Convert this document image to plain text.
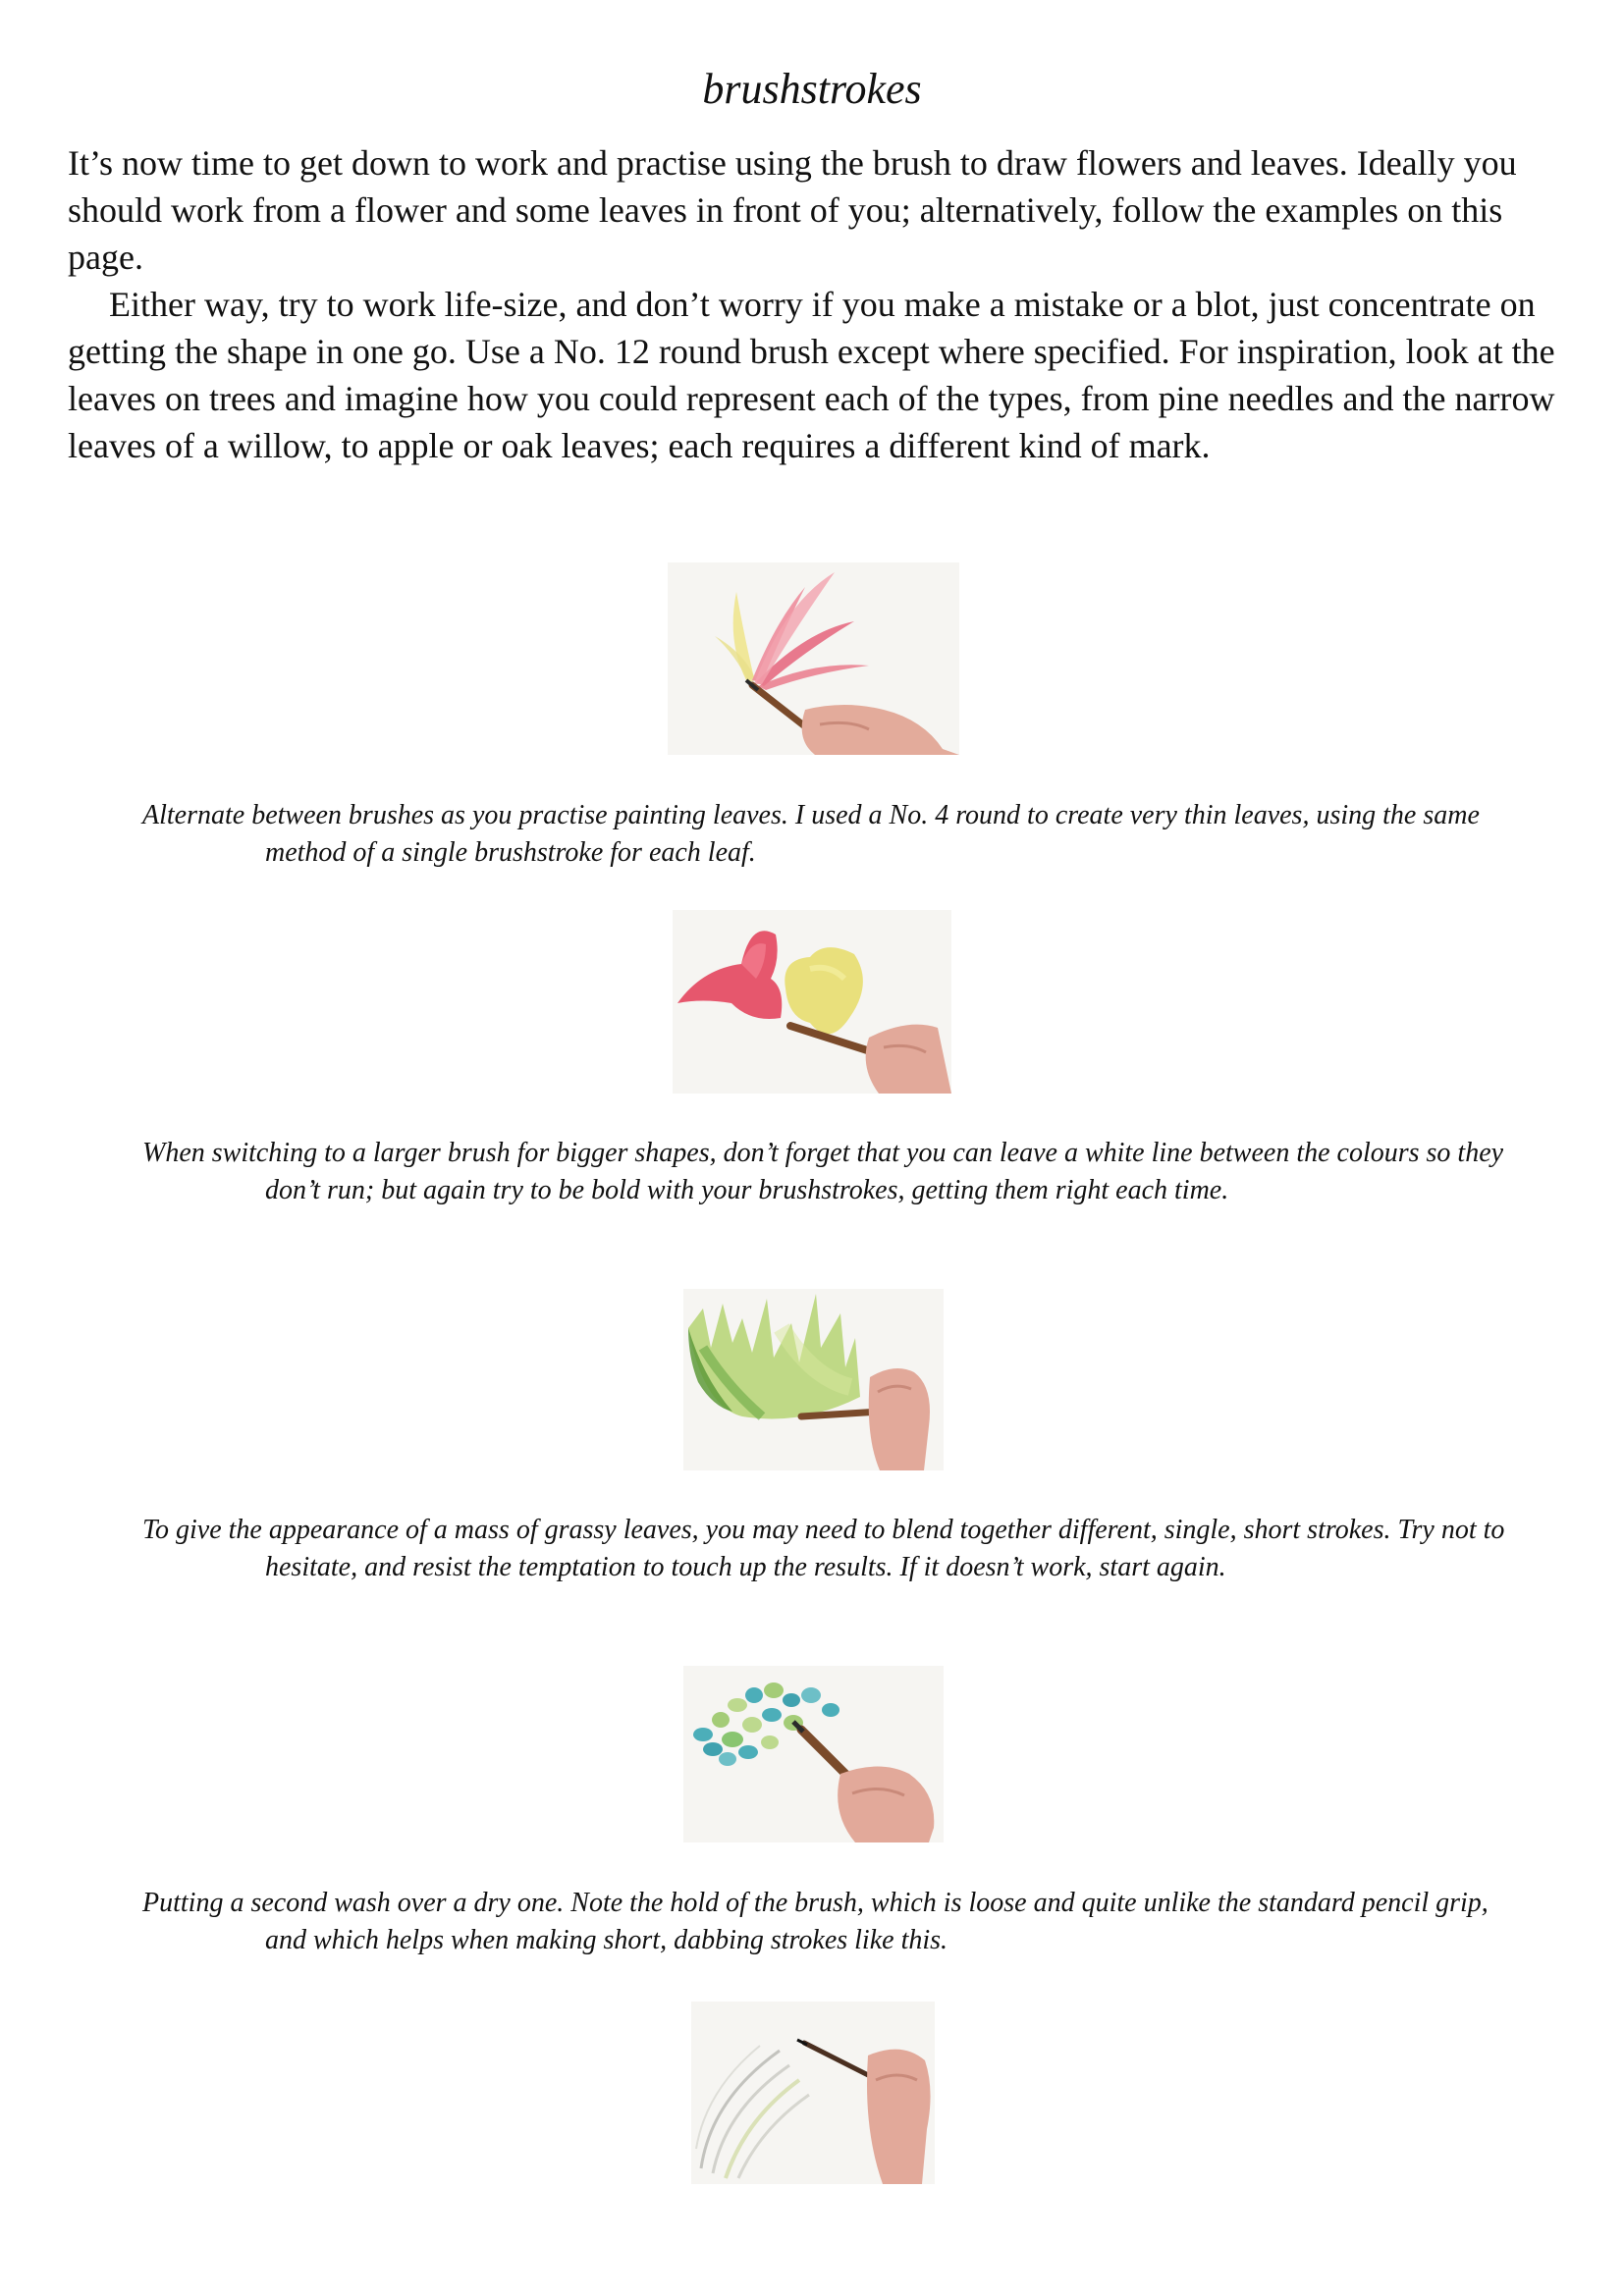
brushstrokes

It’s now time to get down to work and practise using the brush to draw flowers and leaves. Ideally you should work from a flower and some leaves in front of you; alternatively, follow the examples on this page.

Either way, try to work life-size, and don’t worry if you make a mistake or a blot, just concentrate on getting the shape in one go. Use a No. 12 round brush except where specified. For inspiration, look at the leaves on trees and imagine how you could represent each of the types, from pine needles and the narrow leaves of a willow, to apple or oak leaves; each requires a different kind of mark.

Alternate between brushes as you practise painting leaves. I used a No. 4 round to create very thin leaves, using the same method of a single brushstroke for each leaf.
When switching to a larger brush for bigger shapes, don’t forget that you can leave a white line between the colours so they don’t run; but again try to be bold with your brushstrokes, getting them right each time.
To give the appearance of a mass of grassy leaves, you may need to blend together different, single, short strokes. Try not to hesitate, and resist the temptation to touch up the results. If it doesn’t work, start again.
Putting a second wash over a dry one. Note the hold of the brush, which is loose and quite unlike the standard pencil grip, and which helps when making short, dabbing strokes like this.
